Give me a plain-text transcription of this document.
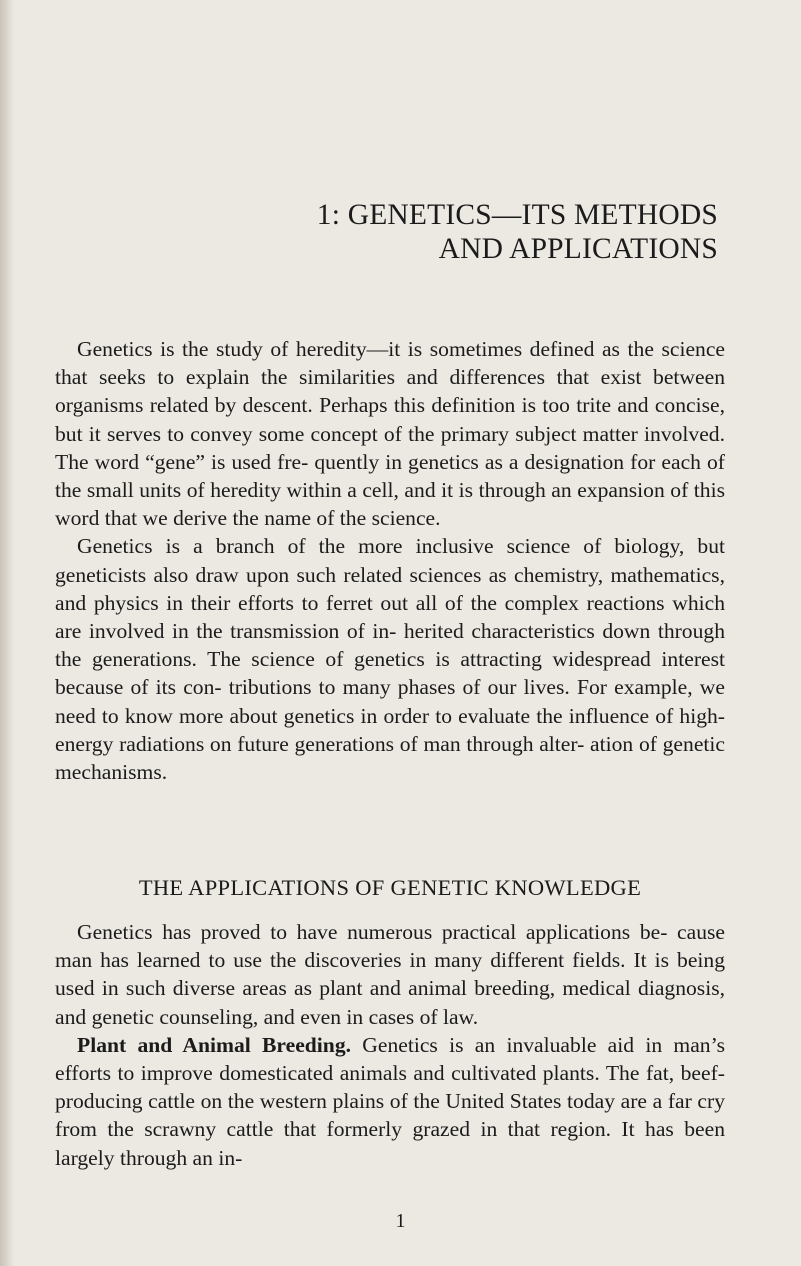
1: GENETICS—ITS METHODS
AND APPLICATIONS

Genetics is the study of heredity—it is sometimes defined as the science that seeks to explain the similarities and differences that exist between organisms related by descent. Perhaps this definition is too trite and concise, but it serves to convey some concept of the primary subject matter involved. The word “gene” is used fre- quently in genetics as a designation for each of the small units of heredity within a cell, and it is through an expansion of this word that we derive the name of the science.

Genetics is a branch of the more inclusive science of biology, but geneticists also draw upon such related sciences as chemistry, mathematics, and physics in their efforts to ferret out all of the complex reactions which are involved in the transmission of in- herited characteristics down through the generations. The science of genetics is attracting widespread interest because of its con- tributions to many phases of our lives. For example, we need to know more about genetics in order to evaluate the influence of high-energy radiations on future generations of man through alter- ation of genetic mechanisms.

THE APPLICATIONS OF GENETIC KNOWLEDGE

Genetics has proved to have numerous practical applications be- cause man has learned to use the discoveries in many different fields. It is being used in such diverse areas as plant and animal breeding, medical diagnosis, and genetic counseling, and even in cases of law.

Plant and Animal Breeding. Genetics is an invaluable aid in man’s efforts to improve domesticated animals and cultivated plants. The fat, beef-producing cattle on the western plains of the United States today are a far cry from the scrawny cattle that formerly grazed in that region. It has been largely through an in-

1
